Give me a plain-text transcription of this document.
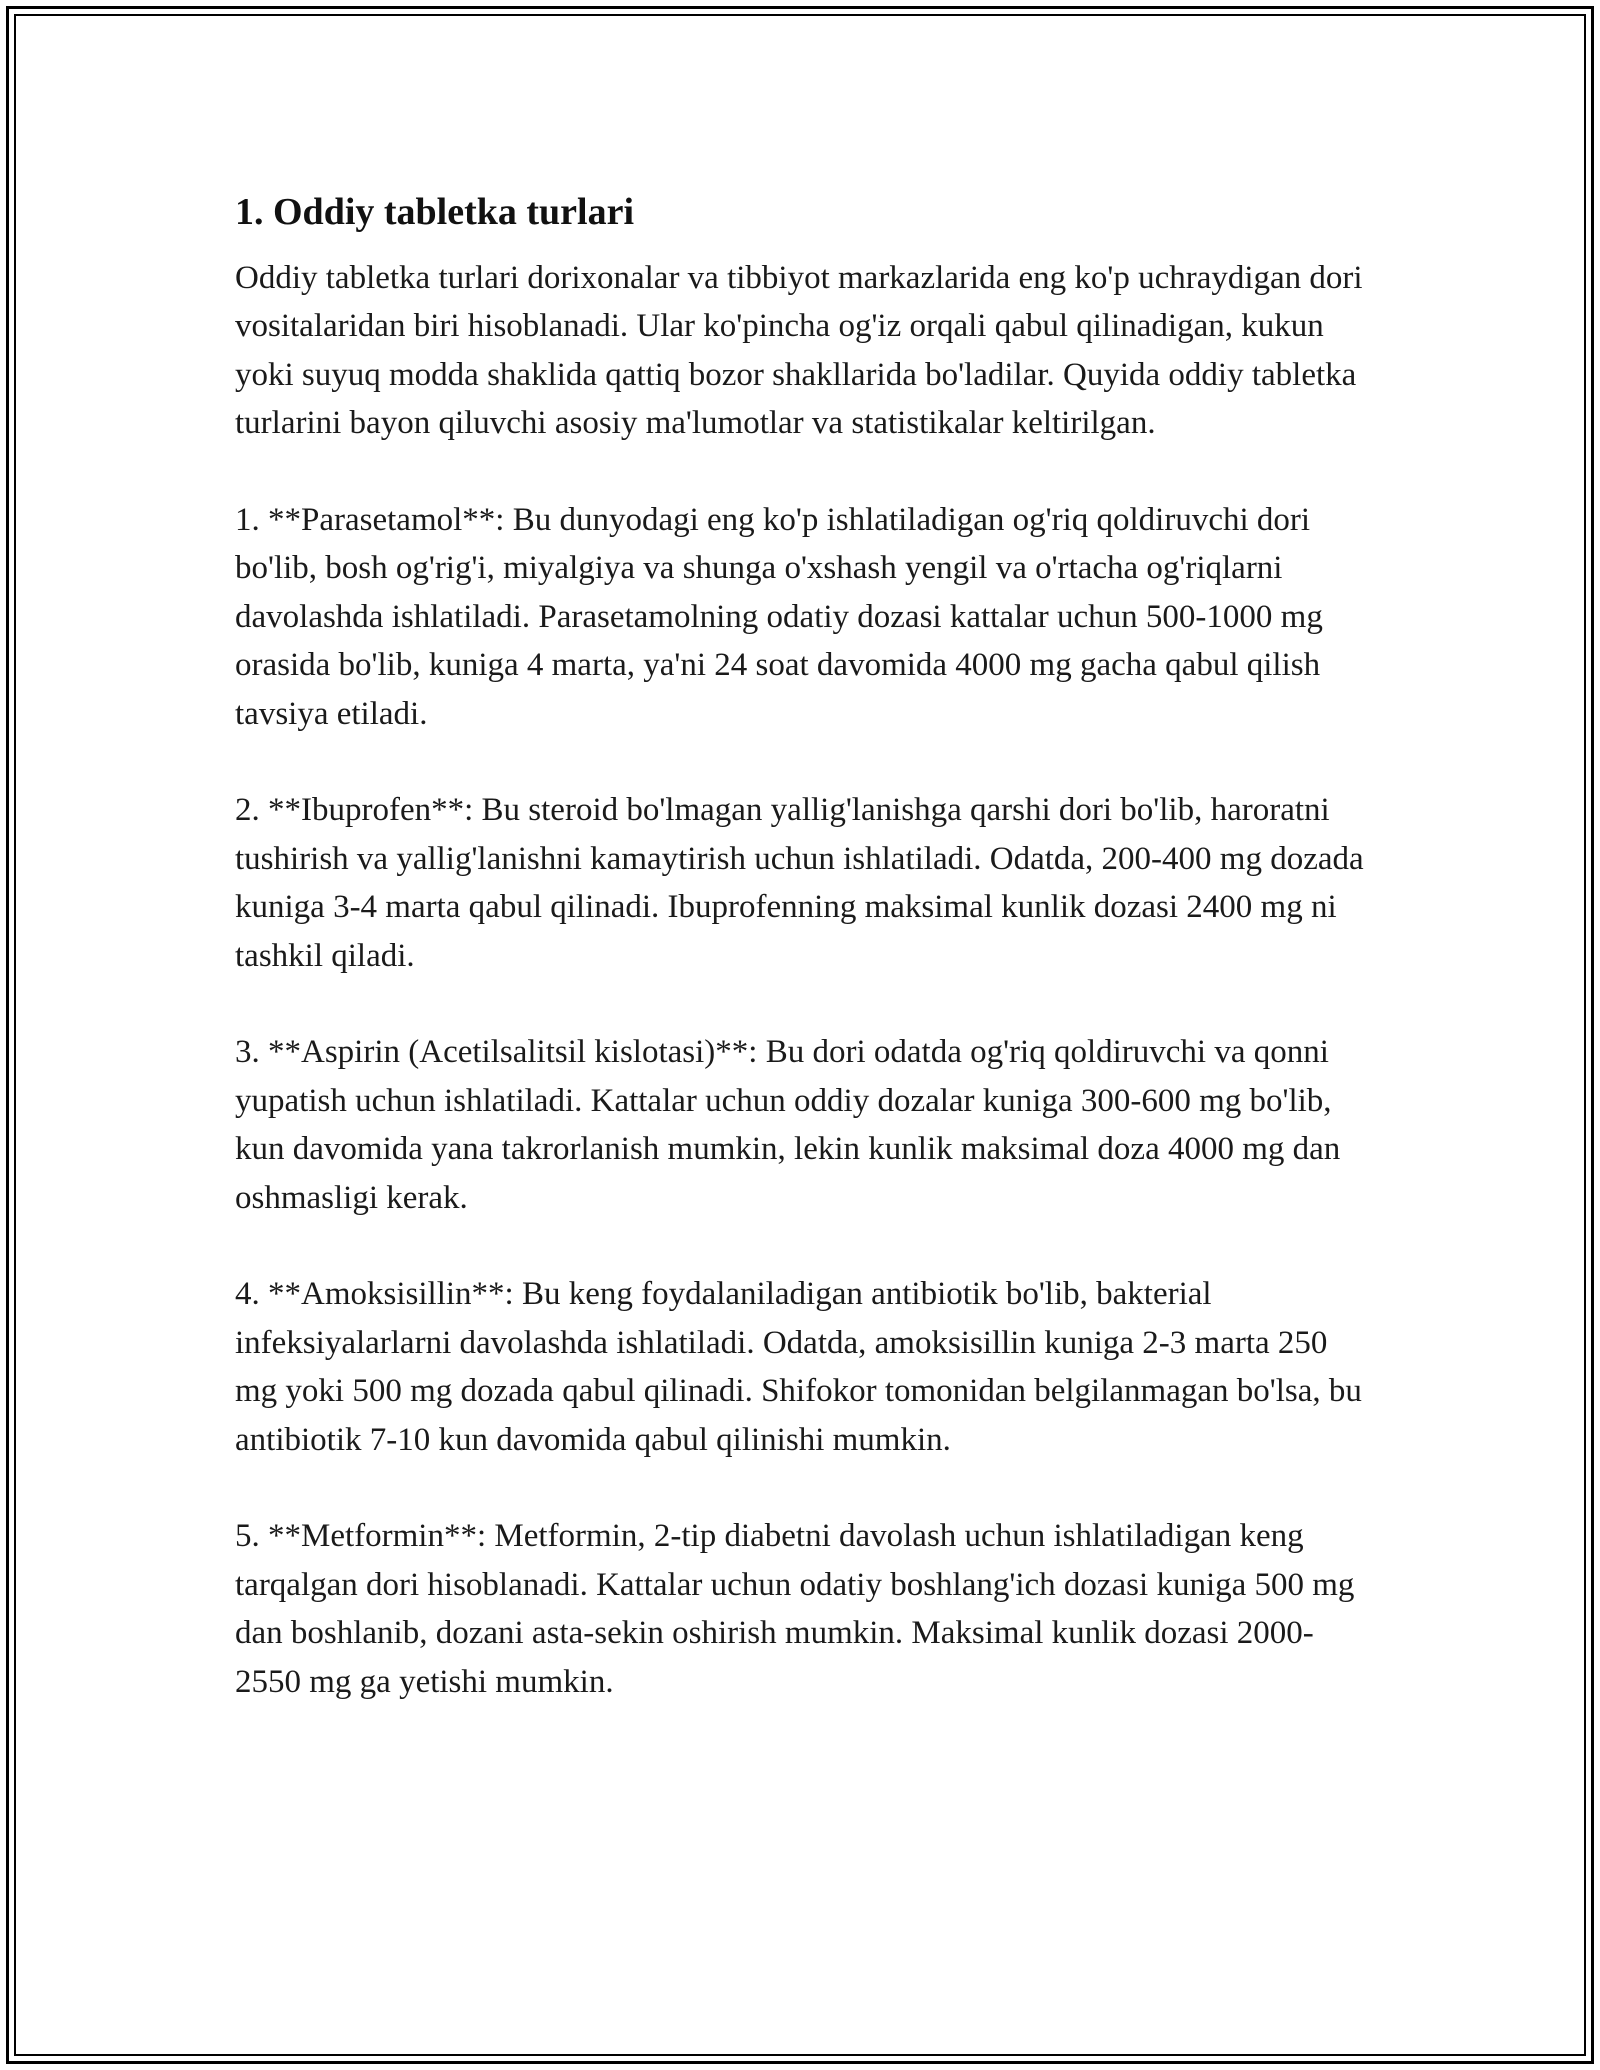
1. Oddiy tabletka turlari

Oddiy tabletka turlari dorixonalar va tibbiyot markazlarida eng ko'p uchraydigan dori vositalaridan biri hisoblanadi. Ular ko'pincha og'iz orqali qabul qilinadigan, kukun yoki suyuq modda shaklida qattiq bozor shakllarida bo'ladilar. Quyida oddiy tabletka turlarini bayon qiluvchi asosiy ma'lumotlar va statistikalar keltirilgan.

1. **Parasetamol**: Bu dunyodagi eng ko'p ishlatiladigan og'riq qoldiruvchi dori bo'lib, bosh og'rig'i, miyalgiya va shunga o'xshash yengil va o'rtacha og'riqlarni davolashda ishlatiladi. Parasetamolning odatiy dozasi kattalar uchun 500-1000 mg orasida bo'lib, kuniga 4 marta, ya'ni 24 soat davomida 4000 mg gacha qabul qilish tavsiya etiladi.

2. **Ibuprofen**: Bu steroid bo'lmagan yallig'lanishga qarshi dori bo'lib, haroratni tushirish va yallig'lanishni kamaytirish uchun ishlatiladi. Odatda, 200-400 mg dozada kuniga 3-4 marta qabul qilinadi. Ibuprofenning maksimal kunlik dozasi 2400 mg ni tashkil qiladi.

3. **Aspirin (Acetilsalitsil kislotasi)**: Bu dori odatda og'riq qoldiruvchi va qonni yupatish uchun ishlatiladi. Kattalar uchun oddiy dozalar kuniga 300-600 mg bo'lib, kun davomida yana takrorlanish mumkin, lekin kunlik maksimal doza 4000 mg dan oshmasligi kerak.

4. **Amoksisillin**: Bu keng foydalaniladigan antibiotik bo'lib, bakterial infeksiyalarlarni davolashda ishlatiladi. Odatda, amoksisillin kuniga 2-3 marta 250 mg yoki 500 mg dozada qabul qilinadi. Shifokor tomonidan belgilanmagan bo'lsa, bu antibiotik 7-10 kun davomida qabul qilinishi mumkin.

5. **Metformin**: Metformin, 2-tip diabetni davolash uchun ishlatiladigan keng tarqalgan dori hisoblanadi. Kattalar uchun odatiy boshlang'ich dozasi kuniga 500 mg dan boshlanib, dozani asta-sekin oshirish mumkin. Maksimal kunlik dozasi 2000-2550 mg ga yetishi mumkin.
